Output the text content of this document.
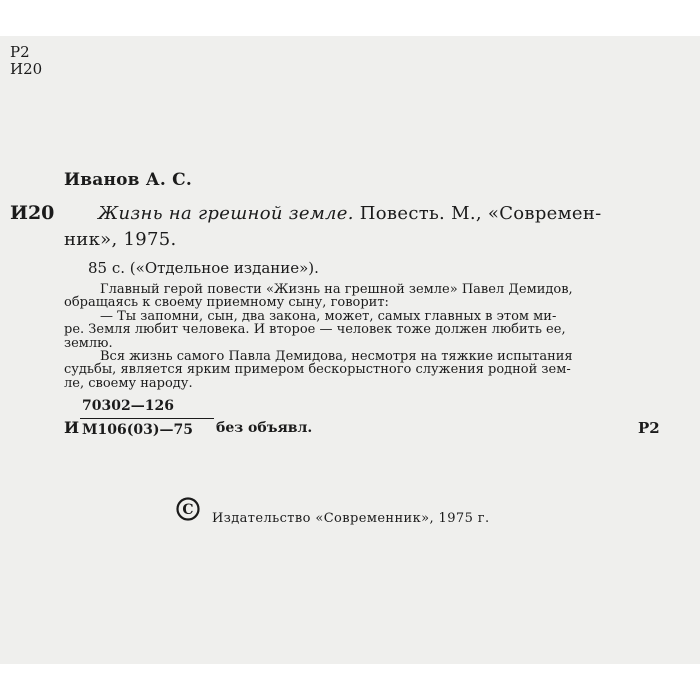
Р2
И20
Иванов А. С.
И20 Жизнь на грешной земле. Повесть. М., «Современ-
ник», 1975.
85 с. («Отдельное издание»).
Главный герой повести «Жизнь на грешной земле» Павел Демидов,
обращаясь к своему приемному сыну, говорит:
— Ты запомни, сын, два закона, может, самых главных в этом ми-
ре. Земля любит человека. И второе — человек тоже должен любить ее,
землю.
Вся жизнь самого Павла Демидова, несмотря на тяжкие испытания
судьбы, является ярким примером бескорыстного служения родной зем-
ле, своему народу.
И
70302—126
М106(03)—75 без объявл.	Р2
C
Издательство «Современник», 1975 г.
